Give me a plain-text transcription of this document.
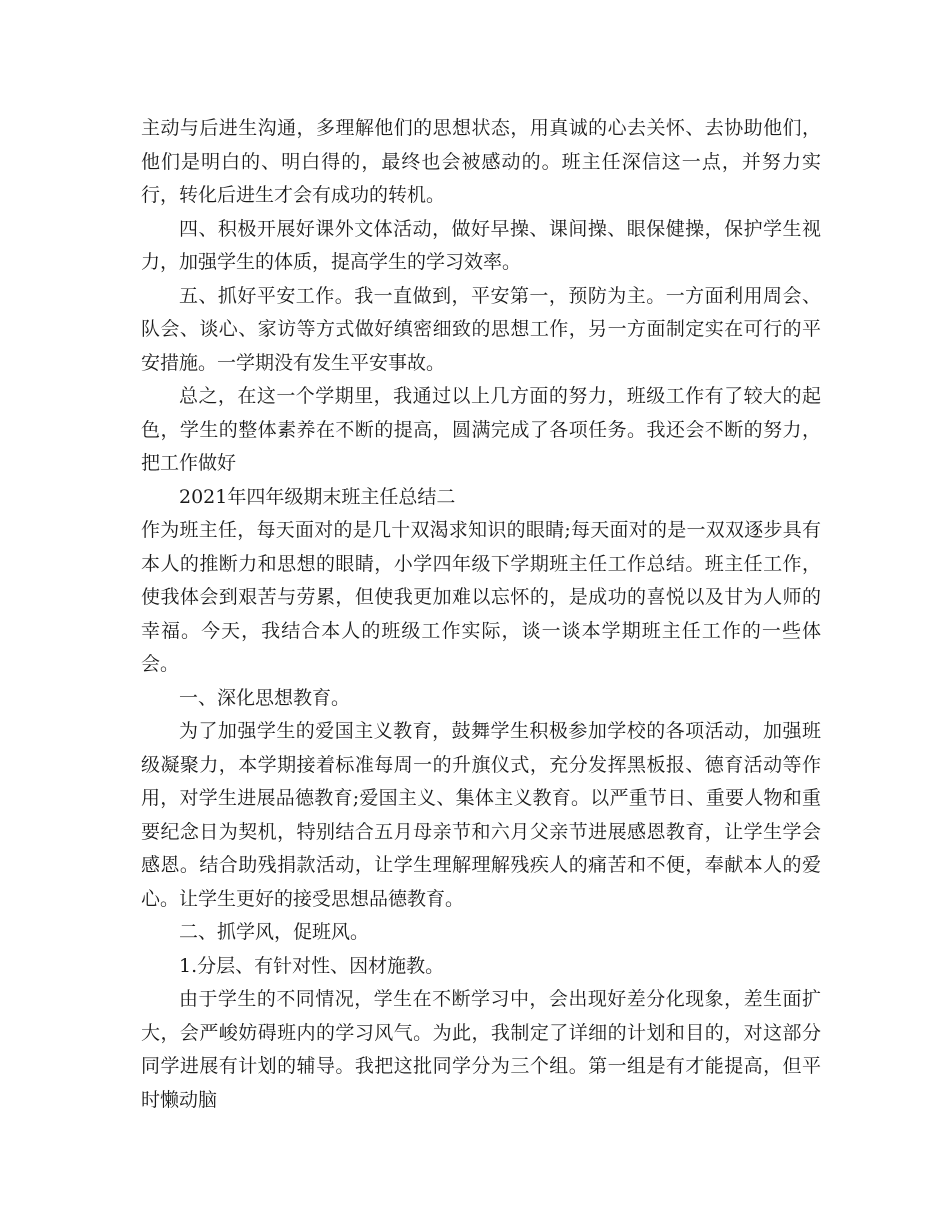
主动与后进生沟通，多理解他们的思想状态，用真诚的心去关怀、去协助他们，他们是明白的、明白得的，最终也会被感动的。班主任深信这一点，并努力实行，转化后进生才会有成功的转机。

四、积极开展好课外文体活动，做好早操、课间操、眼保健操，保护学生视力，加强学生的体质，提高学生的学习效率。

五、抓好平安工作。我一直做到，平安第一，预防为主。一方面利用周会、队会、谈心、家访等方式做好缜密细致的思想工作，另一方面制定实在可行的平安措施。一学期没有发生平安事故。

总之，在这一个学期里，我通过以上几方面的努力，班级工作有了较大的起色，学生的整体素养在不断的提高，圆满完成了各项任务。我还会不断的努力，把工作做好

2021年四年级期末班主任总结二

作为班主任，每天面对的是几十双渴求知识的眼睛;每天面对的是一双双逐步具有本人的推断力和思想的眼睛，小学四年级下学期班主任工作总结。班主任工作，使我体会到艰苦与劳累，但使我更加难以忘怀的，是成功的喜悦以及甘为人师的幸福。今天，我结合本人的班级工作实际，谈一谈本学期班主任工作的一些体会。

一、深化思想教育。

为了加强学生的爱国主义教育，鼓舞学生积极参加学校的各项活动，加强班级凝聚力，本学期接着标准每周一的升旗仪式，充分发挥黑板报、德育活动等作用，对学生进展品德教育;爱国主义、集体主义教育。以严重节日、重要人物和重要纪念日为契机，特别结合五月母亲节和六月父亲节进展感恩教育，让学生学会感恩。结合助残捐款活动，让学生理解理解残疾人的痛苦和不便，奉献本人的爱心。让学生更好的接受思想品德教育。

二、抓学风，促班风。

1.分层、有针对性、因材施教。

由于学生的不同情况，学生在不断学习中，会出现好差分化现象，差生面扩大，会严峻妨碍班内的学习风气。为此，我制定了详细的计划和目的，对这部分同学进展有计划的辅导。我把这批同学分为三个组。第一组是有才能提高，但平时懒动脑
